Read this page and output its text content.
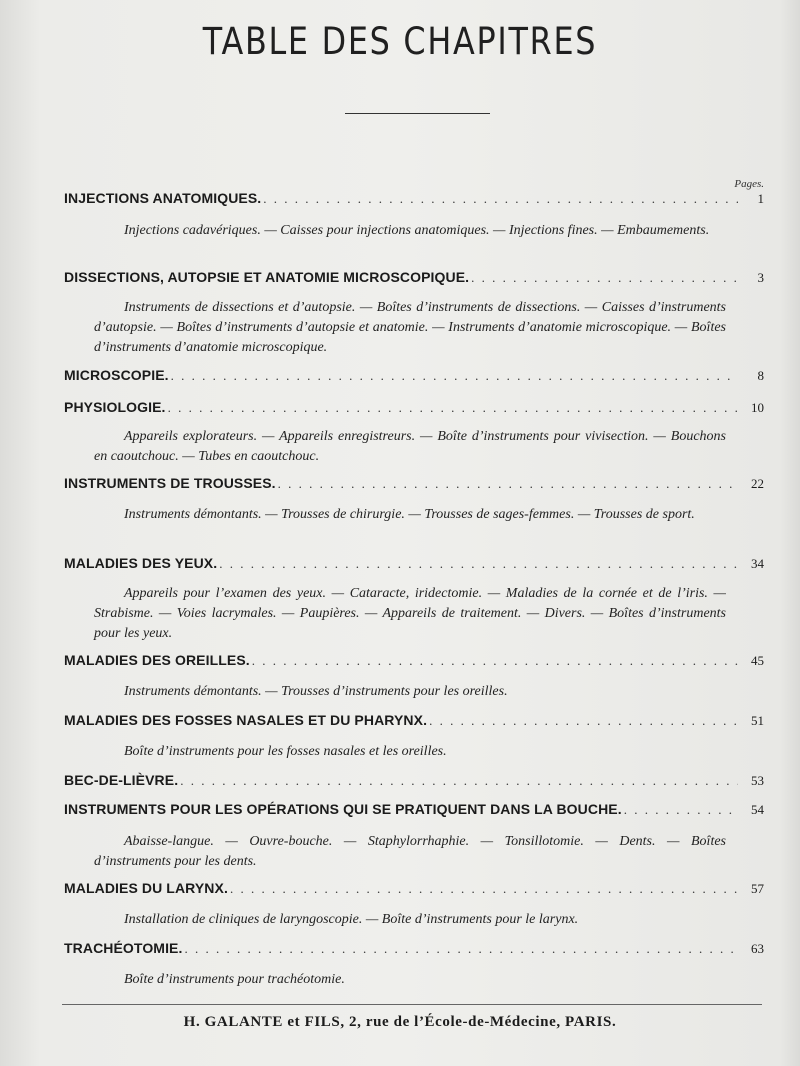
TABLE DES CHAPITRES
Pages.
INJECTIONS ANATOMIQUES. . . .	1
Injections cadavériques. — Caisses pour injections anatomiques. — Injections fines. — Embaumements.
DISSECTIONS, AUTOPSIE ET ANATOMIE MICROSCOPIQUE. . . .	3
Instruments de dissections et d’autopsie. — Boîtes d’instruments de dissections. — Caisses d’instruments d’autopsie. — Boîtes d’instruments d’autopsie et anatomie. — Instruments d’anatomie microscopique. — Boîtes d’instruments d’anatomie microscopique.
MICROSCOPIE. . . .	8
PHYSIOLOGIE. . . .	10
Appareils explorateurs. — Appareils enregistreurs. — Boîte d’instruments pour vivisection. — Bouchons en caoutchouc. — Tubes en caoutchouc.
INSTRUMENTS DE TROUSSES. . . .	22
Instruments démontants. — Trousses de chirurgie. — Trousses de sages-femmes. — Trousses de sport.
MALADIES DES YEUX. . . .	34
Appareils pour l’examen des yeux. — Cataracte, iridectomie. — Maladies de la cornée et de l’iris. — Strabisme. — Voies lacrymales. — Paupières. — Appareils de traitement. — Divers. — Boîtes d’instruments pour les yeux.
MALADIES DES OREILLES. . . .	45
Instruments démontants. — Trousses d’instruments pour les oreilles.
MALADIES DES FOSSES NASALES ET DU PHARYNX. . . .	51
Boîte d’instruments pour les fosses nasales et les oreilles.
BEC-DE-LIÈVRE. . . .	53
INSTRUMENTS POUR LES OPÉRATIONS QUI SE PRATIQUENT DANS LA BOUCHE. . . .	54
Abaisse-langue. — Ouvre-bouche. — Staphylorrhaphie. — Tonsillotomie. — Dents. — Boîtes d’instruments pour les dents.
MALADIES DU LARYNX. . . .	57
Installation de cliniques de laryngoscopie. — Boîte d’instruments pour le larynx.
TRACHÉOTOMIE. . . .	63
Boîte d’instruments pour trachéotomie.
H. GALANTE et FILS, 2, rue de l’École-de-Médecine, PARIS.
